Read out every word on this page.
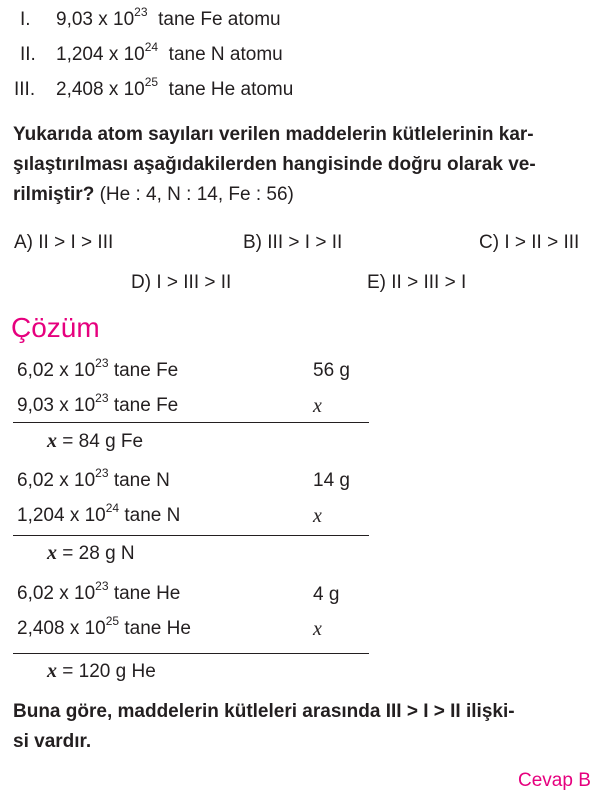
I. 9,03 x $10^{23}$ tane Fe atomu
II. 1,204 x $10^{24}$ tane N atomu
III. 2,408 x $10^{25}$ tane He atomu
Yukarıda atom sayıları verilen maddelerin kütlelerinin kar-
şılaştırılması aşağıdakilerden hangisinde doğru olarak ve-
rilmiştir? (He : 4, N : 14, Fe : 56)
A) II > I > III	B) III > I > II	C) I > II > III
D) I > III > II	E) II > III > I
Çözüm
6,02 x $10^{23}$ tane Fe	56 g
9,03 x $10^{23}$ tane Fe	x
x = 84 g Fe
6,02 x $10^{23}$ tane N	14 g
1,204 x $10^{24}$ tane N	x
x = 28 g N
6,02 x $10^{23}$ tane He	4 g
2,408 x $10^{25}$ tane He	x
x = 120 g He
Buna göre, maddelerin kütleleri arasında III > I > II ilişki-
si vardır.
Cevap B
